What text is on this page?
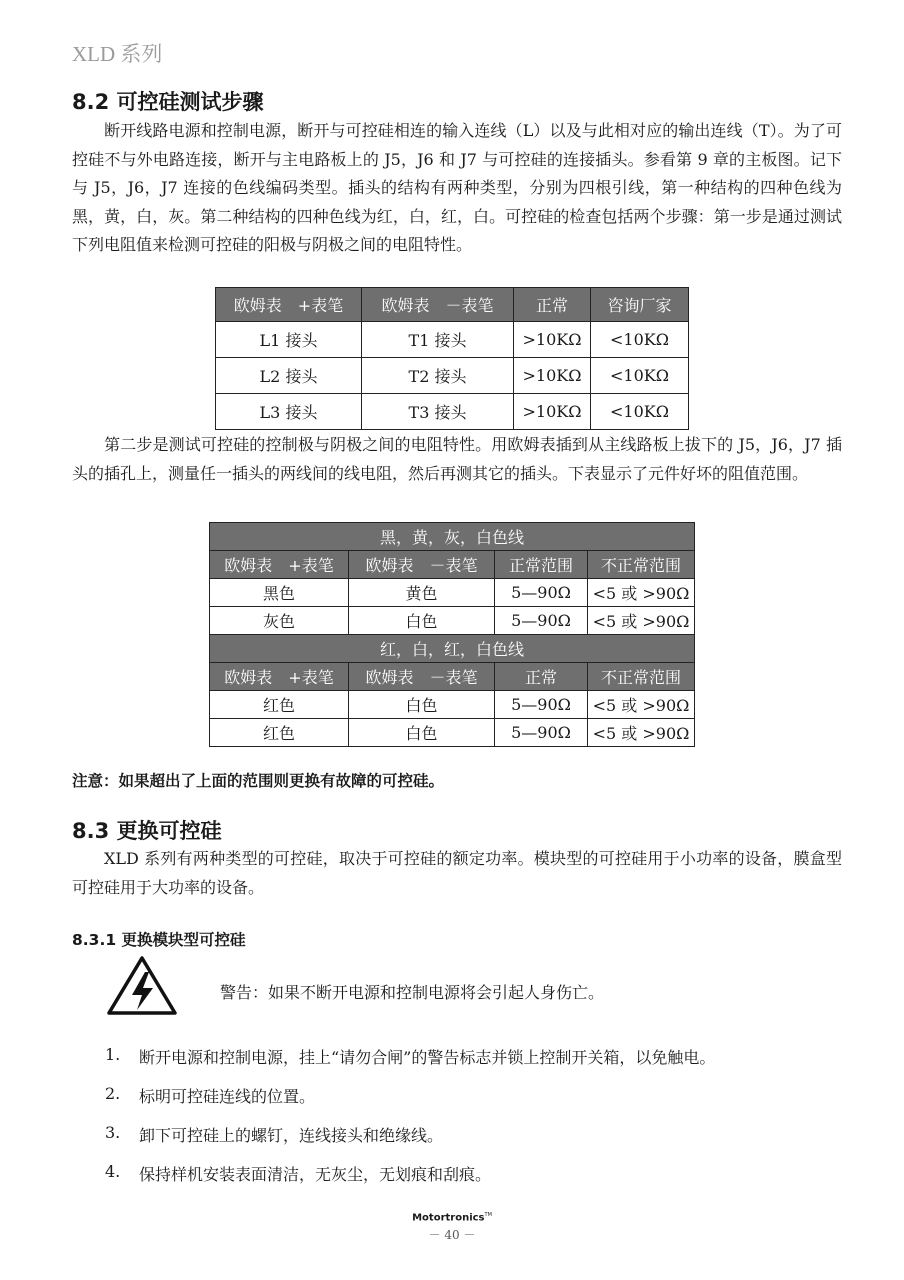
XLD 系列
8.2 可控硅测试步骤
断开线路电源和控制电源，断开与可控硅相连的输入连线（L）以及与此相对应的输出连线（T）。为了可控硅不与外电路连接，断开与主电路板上的 J5，J6 和 J7 与可控硅的连接插头。参看第 9 章的主板图。记下与 J5，J6，J7 连接的色线编码类型。插头的结构有两种类型，分别为四根引线，第一种结构的四种色线为黑，黄，白，灰。第二种结构的四种色线为红，白，红，白。可控硅的检查包括两个步骤：第一步是通过测试下列电阻值来检测可控硅的阳极与阴极之间的电阻特性。
欧姆表　+表笔	欧姆表　－表笔	正常	咨询厂家
L1 接头	T1 接头	>10KΩ	<10KΩ
L2 接头	T2 接头	>10KΩ	<10KΩ
L3 接头	T3 接头	>10KΩ	<10KΩ
第二步是测试可控硅的控制极与阴极之间的电阻特性。用欧姆表插到从主线路板上拔下的 J5，J6，J7 插头的插孔上，测量任一插头的两线间的线电阻，然后再测其它的插头。下表显示了元件好坏的阻值范围。
黑，黄，灰，白色线			
欧姆表　+表笔	欧姆表　－表笔	正常范围	不正常范围
黑色	黄色	5—90Ω	<5 或 >90Ω
灰色	白色	5—90Ω	<5 或 >90Ω
红，白，红，白色线			
欧姆表　+表笔	欧姆表　－表笔	正常	不正常范围
红色	白色	5—90Ω	<5 或 >90Ω
红色	白色	5—90Ω	<5 或 >90Ω
注意：如果超出了上面的范围则更换有故障的可控硅。
8.3 更换可控硅
XLD 系列有两种类型的可控硅，取决于可控硅的额定功率。模块型的可控硅用于小功率的设备，膜盒型可控硅用于大功率的设备。
8.3.1 更换模块型可控硅
警告：如果不断开电源和控制电源将会引起人身伤亡。
1.	断开电源和控制电源，挂上“请勿合闸”的警告标志并锁上控制开关箱，以免触电。
2.	标明可控硅连线的位置。
3.	卸下可控硅上的螺钉，连线接头和绝缘线。
4.	保持样机安装表面清洁，无灰尘，无划痕和刮痕。
Motortronics™
－ 40 －
